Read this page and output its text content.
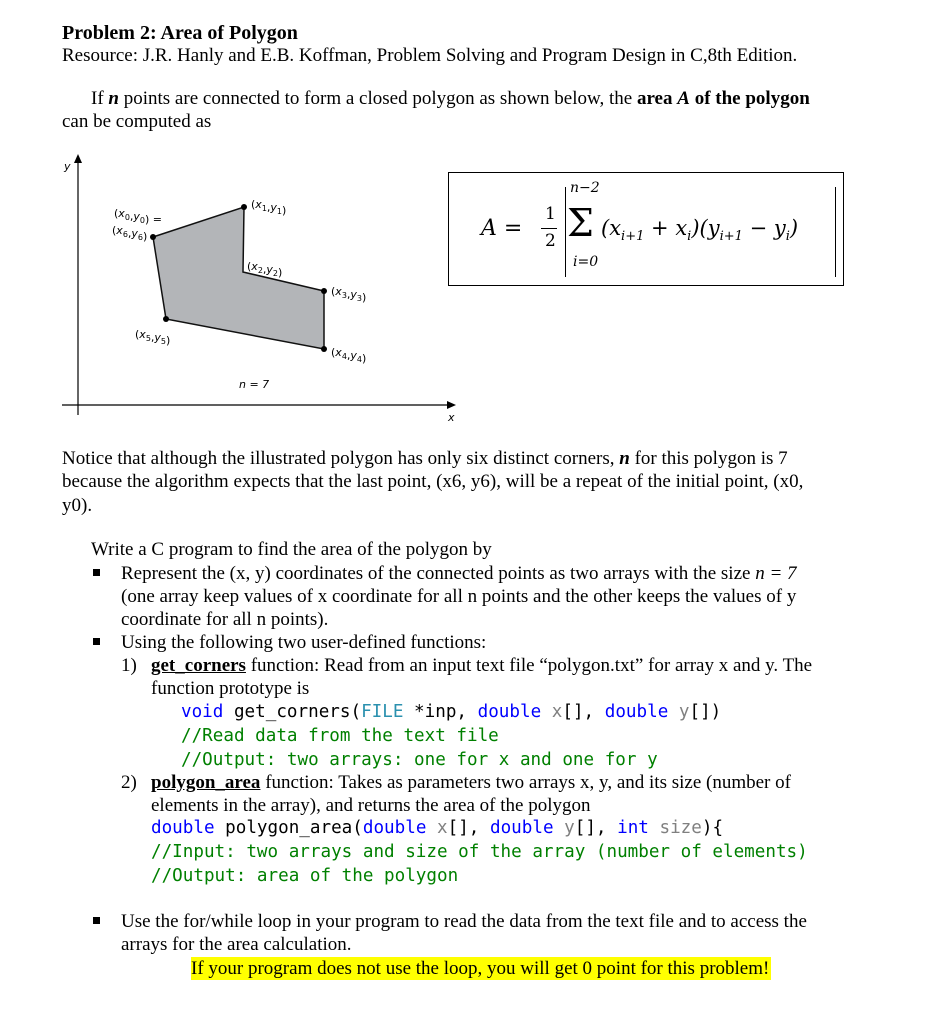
Problem 2: Area of Polygon
Resource: J.R. Hanly and E.B. Koffman, Problem Solving and Program Design in C,8th Edition.
If n points are connected to form a closed polygon as shown below, the area A of the polygon
can be computed as
y
x
$(x_0,y_0)$ =
$(x_6,y_6)$
$(x_1,y_1)$
$(x_2,y_2)$
$(x_3,y_3)$
$(x_4,y_4)$
$(x_5,y_5)$
n = 7
A =
1
2
n−2
Σ
i=0
$(x_{i+1} + x_i)(y_{i+1} - y_i)$
Notice that although the illustrated polygon has only six distinct corners, n for this polygon is 7
because the algorithm expects that the last point, (x6, y6), will be a repeat of the initial point, (x0,
y0).
Write a C program to find the area of the polygon by
Represent the (x, y) coordinates of the connected points as two arrays with the size n = 7
(one array keep values of x coordinate for all n points and the other keeps the values of y
coordinate for all n points).
Using the following two user-defined functions:
1) get_corners function: Read from an input text file “polygon.txt” for array x and y. The
function prototype is
void get_corners(FILE *inp, double x[], double y[])
//Read data from the text file
//Output: two arrays: one for x and one for y
2) polygon_area function: Takes as parameters two arrays x, y, and its size (number of
elements in the array), and returns the area of the polygon
double polygon_area(double x[], double y[], int size){
//Input: two arrays and size of the array (number of elements)
//Output: area of the polygon
Use the for/while loop in your program to read the data from the text file and to access the
arrays for the area calculation.
If your program does not use the loop, you will get 0 point for this problem!
